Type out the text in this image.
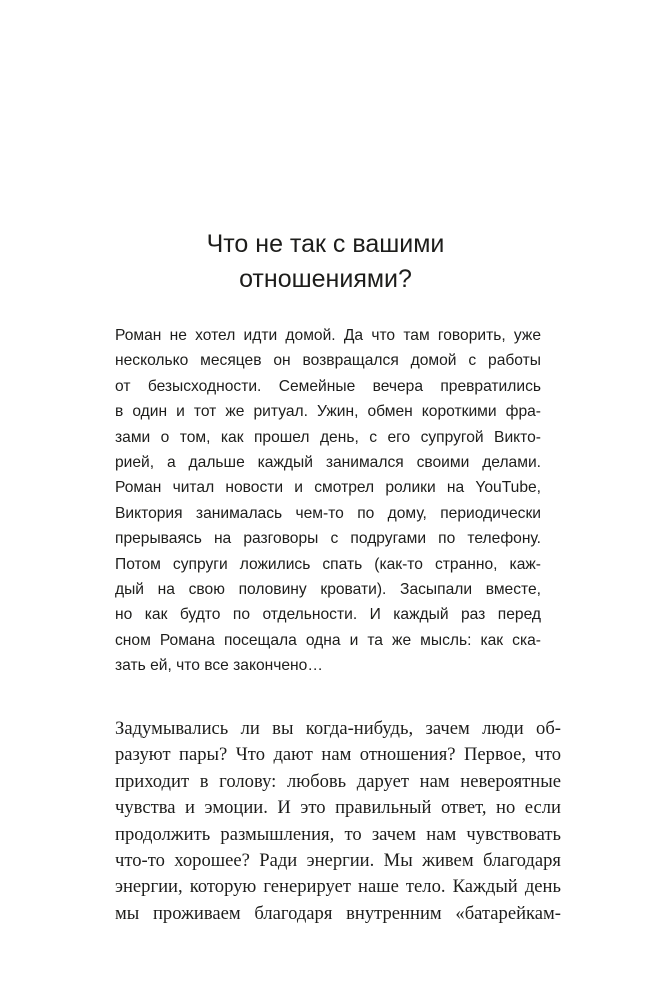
Что не так с вашими
отношениями?
Роман не хотел идти домой. Да что там говорить, уже
несколько месяцев он возвращался домой с работы
от безысходности. Семейные вечера превратились
в один и тот же ритуал. Ужин, обмен короткими фра-
зами о том, как прошел день, с его супругой Викто-
рией, а дальше каждый занимался своими делами.
Роман читал новости и смотрел ролики на YouTube,
Виктория занималась чем-то по дому, периодически
прерываясь на разговоры с подругами по телефону.
Потом супруги ложились спать (как-то странно, каж-
дый на свою половину кровати). Засыпали вместе,
но как будто по отдельности. И каждый раз перед
сном Романа посещала одна и та же мысль: как ска-
зать ей, что все закончено…
Задумывались ли вы когда-нибудь, зачем люди об-
разуют пары? Что дают нам отношения? Первое, что
приходит в голову: любовь дарует нам невероятные
чувства и эмоции. И это правильный ответ, но если
продолжить размышления, то зачем нам чувствовать
что-то хорошее? Ради энергии. Мы живем благодаря
энергии, которую генерирует наше тело. Каждый день
мы проживаем благодаря внутренним «батарейкам-
